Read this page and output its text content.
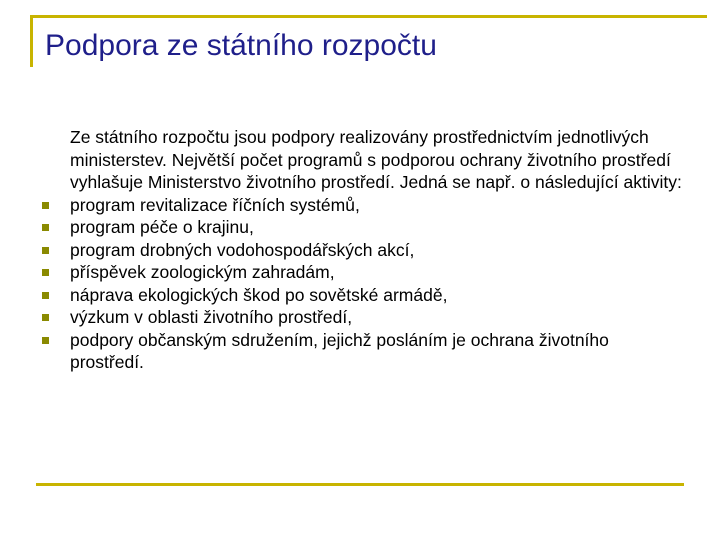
Podpora ze státního rozpočtu
Ze státního rozpočtu jsou podpory realizovány prostřednictvím jednotlivých ministerstev. Největší počet programů s podporou ochrany životního prostředí vyhlašuje Ministerstvo životního prostředí. Jedná se např. o následující aktivity:
program revitalizace říčních systémů,
program péče o krajinu,
program drobných vodohospodářských akcí,
příspěvek zoologickým zahradám,
náprava ekologických škod po sovětské armádě,
výzkum v oblasti životního prostředí,
podpory občanským sdružením, jejichž posláním je ochrana životního prostředí.
